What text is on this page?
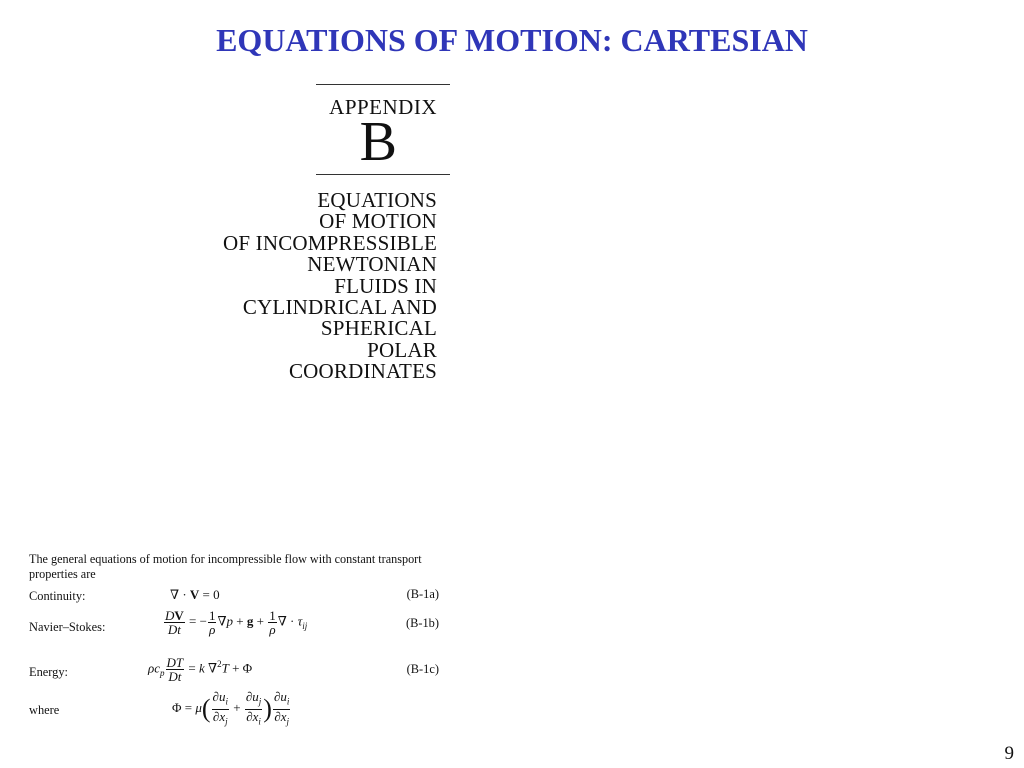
EQUATIONS OF MOTION: CARTESIAN
APPENDIX
B
EQUATIONS
OF MOTION
OF INCOMPRESSIBLE
NEWTONIAN
FLUIDS IN
CYLINDRICAL AND
SPHERICAL
POLAR
COORDINATES
The general equations of motion for incompressible flow with constant transport properties are
Continuity:	∇ · V = 0	(B-1a)
Navier–Stokes:	$\frac{DV}{Dt}$ = − $\frac{1}{\rho} \nabla p + g + \frac{1}{\rho}$ ∇ · $\tau_{ij}$	(B-1b)
Energy:	$\rho c_p \frac{DT}{Dt} = k$ ∇$^2$T + Φ	(B-1c)
where	$\Phi = \mu( \frac{\partial u_i}{\partial x_j} + \frac{\partial u_j}{\partial x_i}$ ) $\frac{\partial u_i}{\partial x_j}$
9
